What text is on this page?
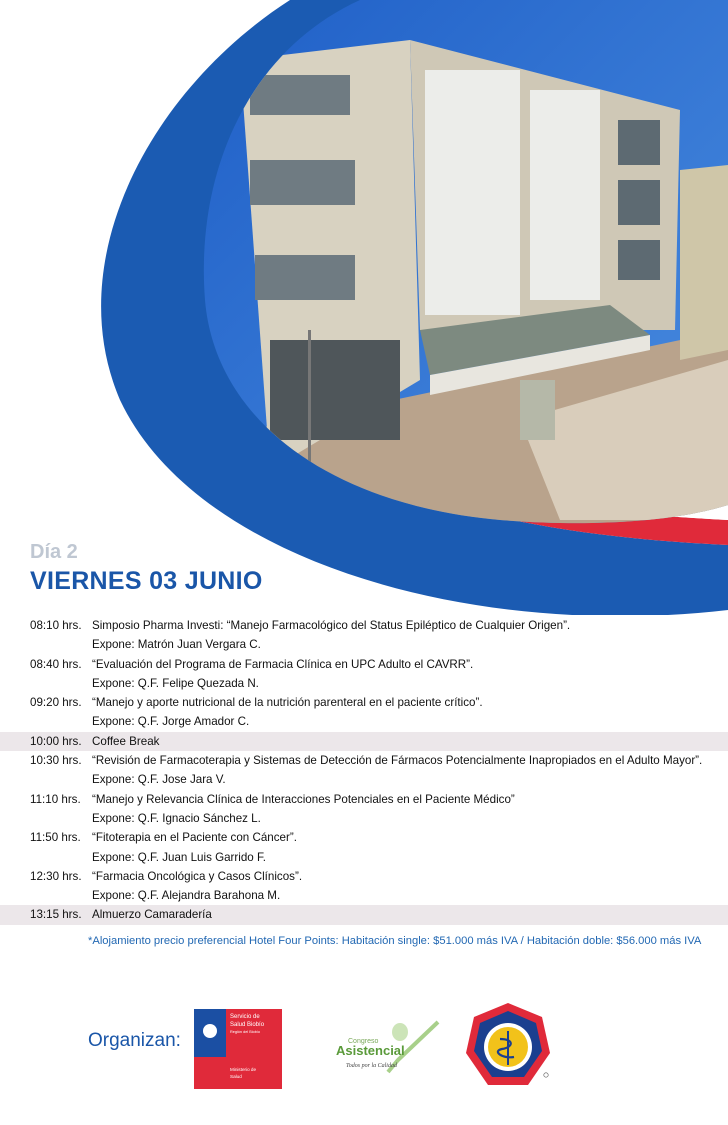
Día 2
VIERNES 03 JUNIO
08:10 hrs. Simposio Pharma Investi: “Manejo Farmacológico del Status Epiléptico de Cualquier Origen”.
Expone: Matrón Juan Vergara C.
08:40 hrs. “Evaluación del Programa de Farmacia Clínica en UPC Adulto el CAVRR”.
Expone: Q.F. Felipe Quezada N.
09:20 hrs. “Manejo y aporte nutricional de la nutrición parenteral en el paciente crítico”.
Expone: Q.F. Jorge Amador C.
10:00 hrs. Coffee Break
10:30 hrs. “Revisión de Farmacoterapia y Sistemas de Detección de Fármacos Potencialmente Inapropiados en el Adulto Mayor”.
Expone: Q.F. Jose Jara V.
11:10 hrs. “Manejo y Relevancia Clínica de Interacciones Potenciales en el Paciente Médico”
Expone: Q.F. Ignacio Sánchez L.
11:50 hrs. “Fitoterapia en el Paciente con Cáncer”.
Expone: Q.F. Juan Luis Garrido F.
12:30 hrs. “Farmacia Oncológica y Casos Clínicos”.
Expone: Q.F. Alejandra Barahona M.
13:15 hrs. Almuerzo Camaradería
*Alojamiento precio preferencial Hotel Four Points: Habitación single: $51.000 más IVA / Habitación doble: $56.000 más IVA
Organizan:
Servicio de
Salud Biobío
Región del Biobío
Ministerio de
Salud
Congreso
Asistencial
Todos por la Calidad
